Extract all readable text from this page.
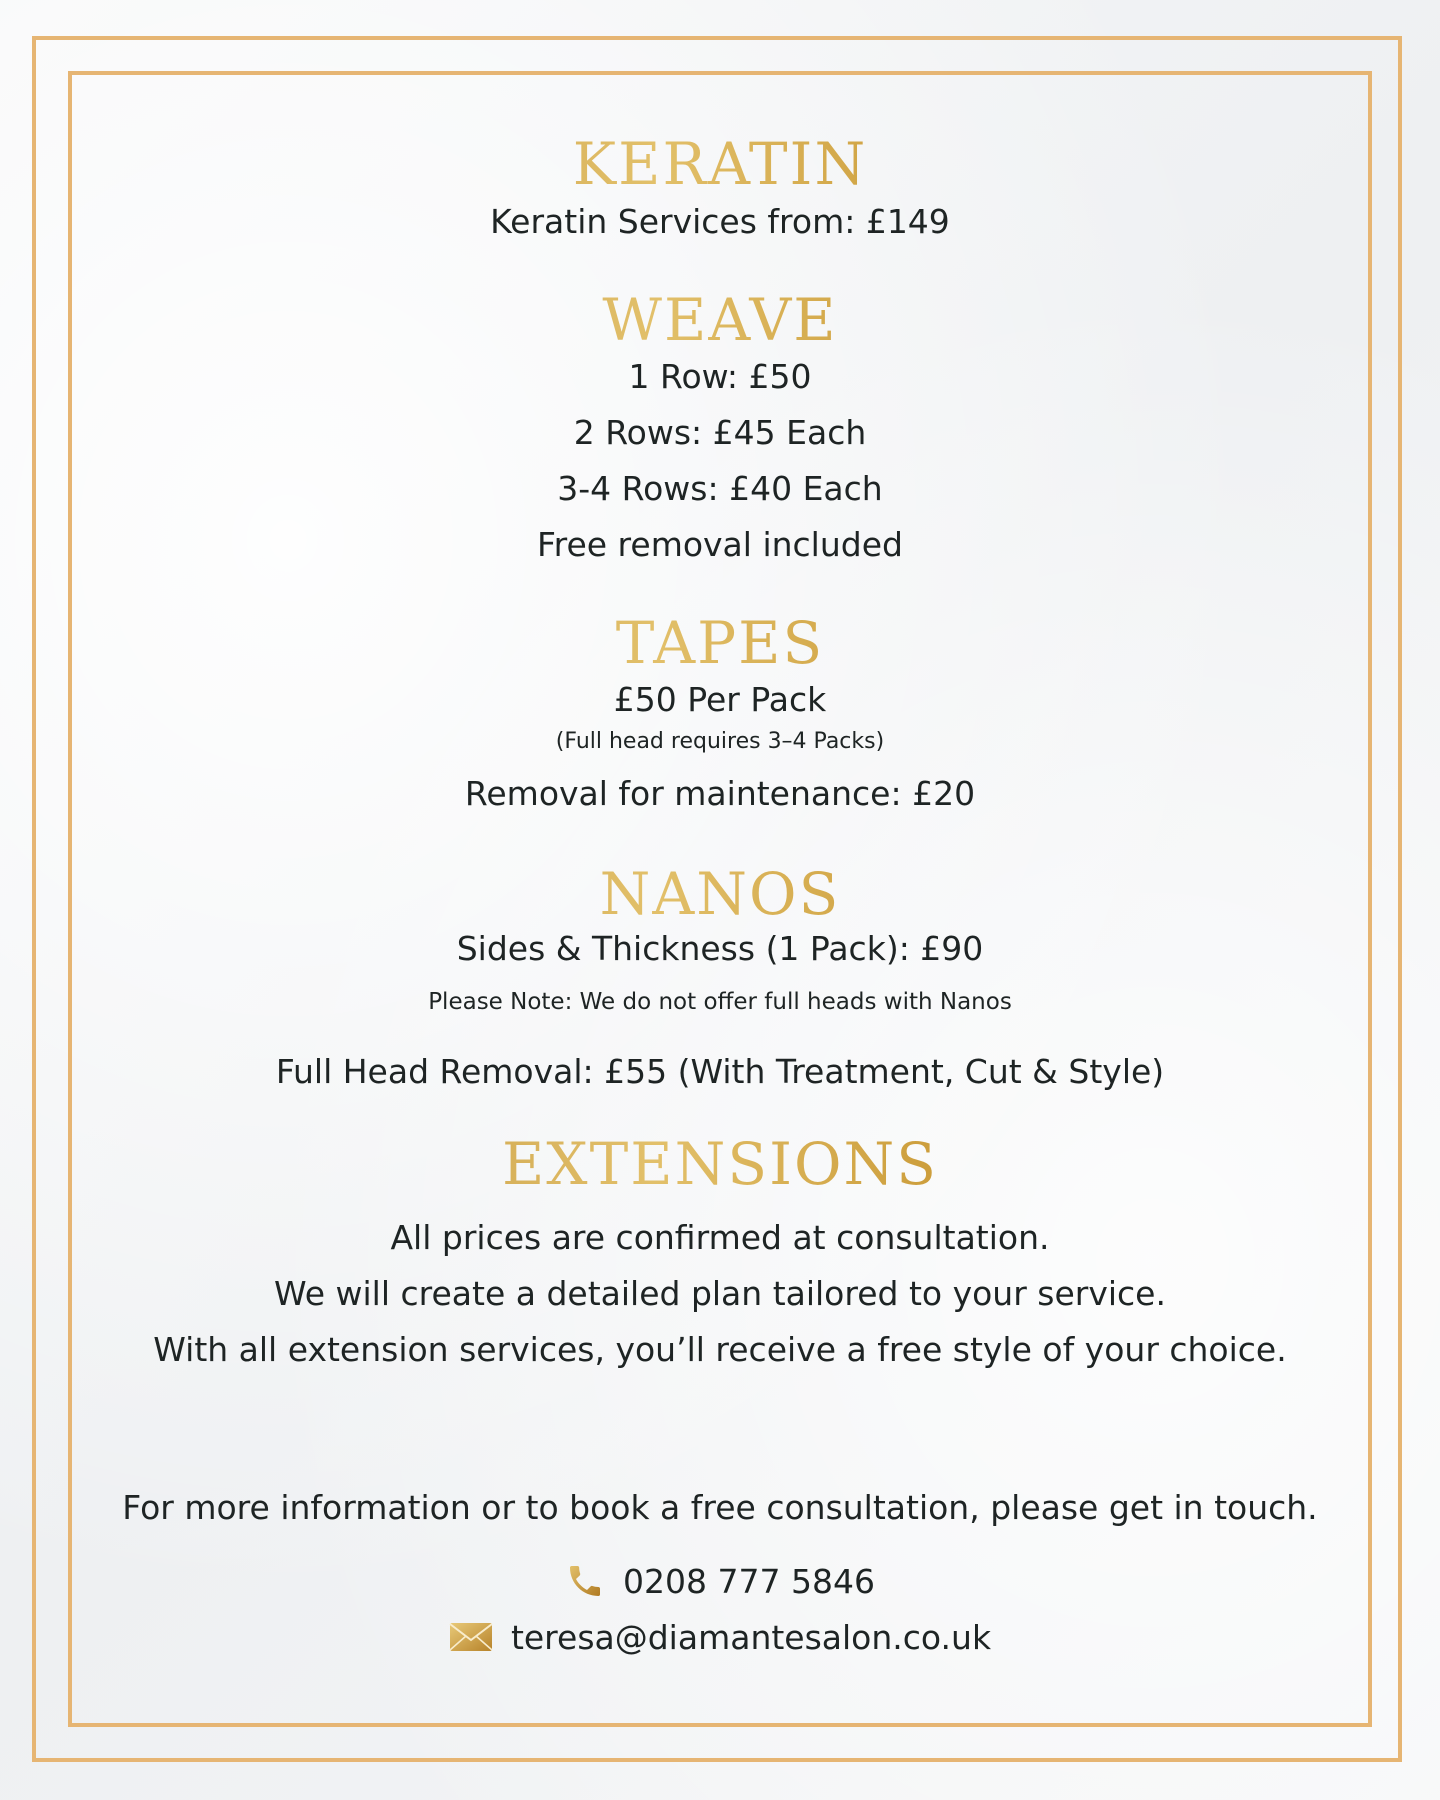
KERATIN
Keratin Services from: £149
WEAVE
1 Row: £50
2 Rows: £45 Each
3-4 Rows: £40 Each
Free removal included
TAPES
£50 Per Pack
(Full head requires 3–4 Packs)
Removal for maintenance: £20
NANOS
Sides & Thickness (1 Pack): £90
Please Note: We do not offer full heads with Nanos
Full Head Removal: £55 (With Treatment, Cut & Style)
EXTENSIONS
All prices are confirmed at consultation.
We will create a detailed plan tailored to your service.
With all extension services, you’ll receive a free style of your choice.
For more information or to book a free consultation, please get in touch.
0208 777 5846
teresa@diamantesalon.co.uk
